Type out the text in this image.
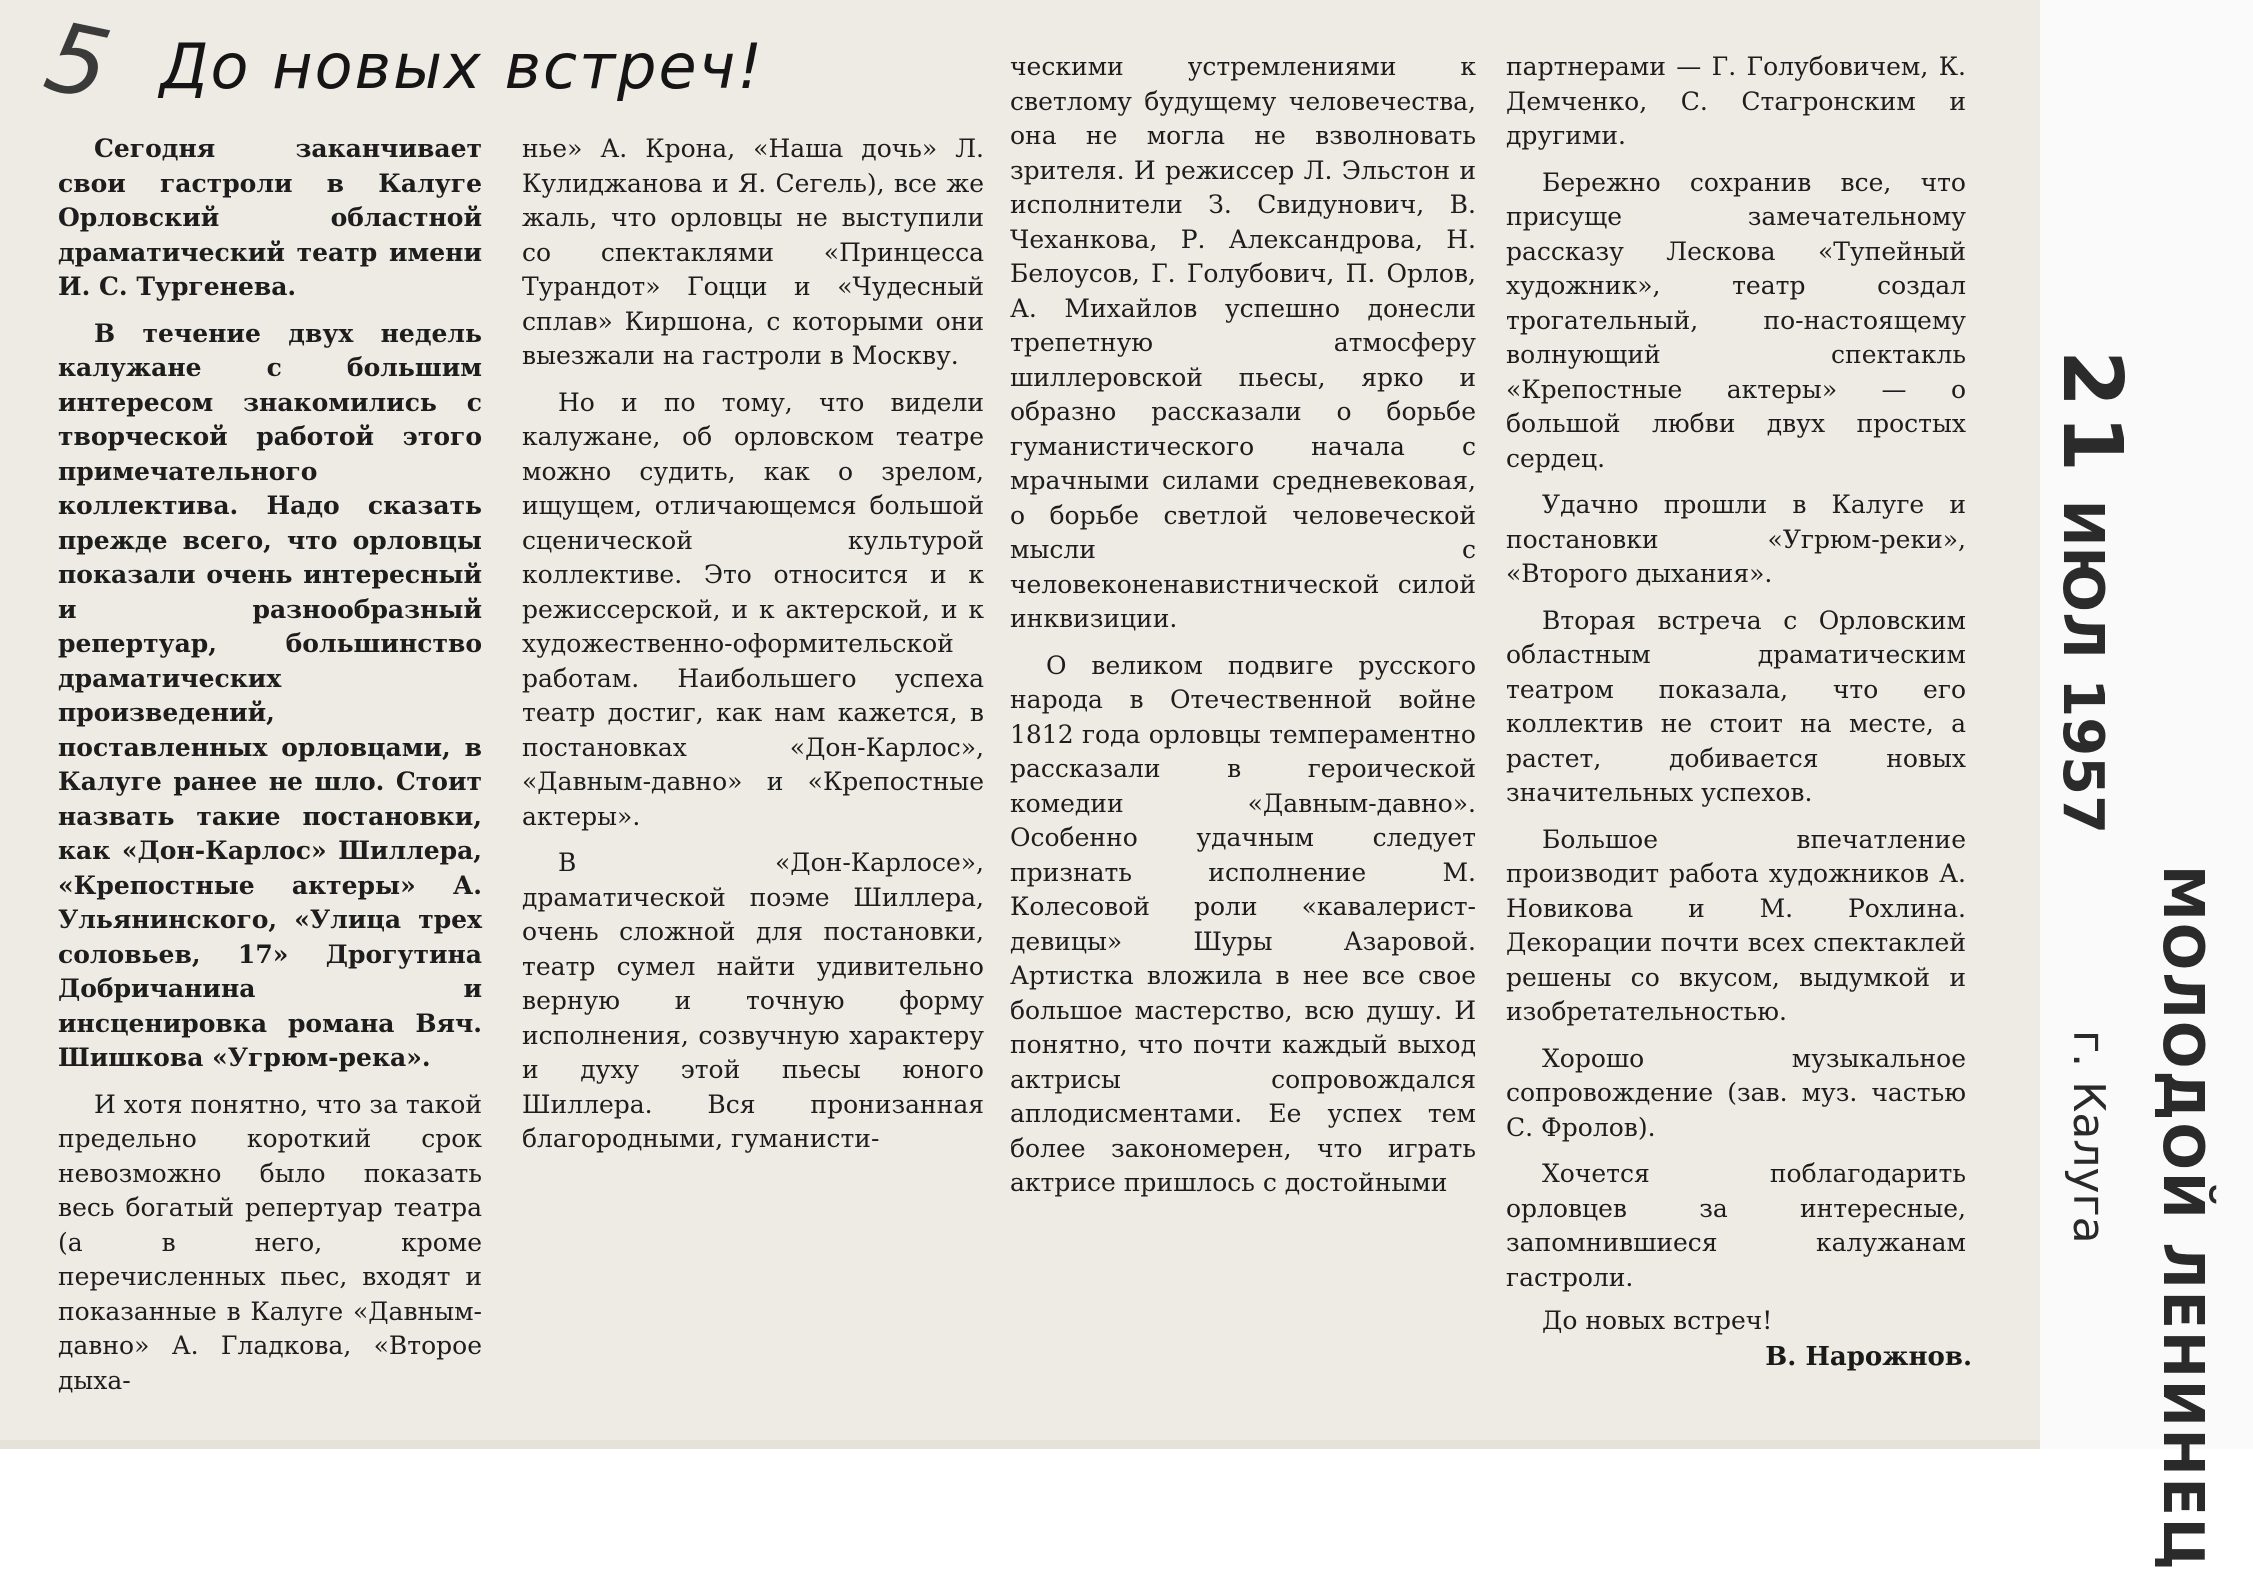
5 До новых встреч!

Сегодня заканчивает свои гастроли в Калуге Орловский областной драматический театр имени И. С. Тургенева.

В течение двух недель калужане с большим интересом знакомились с творческой работой этого примечательного коллектива. Надо сказать прежде всего, что орловцы показали очень интересный и разнообразный репертуар, большинство драматических произведений, поставленных орловцами, в Калуге ранее не шло. Стоит назвать такие постановки, как «Дон-Карлос» Шиллера, «Крепостные актеры» А. Ульянинского, «Улица трех соловьев, 17» Дрогутина Добричанина и инсценировка романа Вяч. Шишкова «Угрюм-река».

И хотя понятно, что за такой предельно короткий срок невозможно было показать весь богатый репертуар театра (а в него, кроме перечисленных пьес, входят и показанные в Калуге «Давным-давно» А. Гладкова, «Второе дыха-

нье» А. Крона, «Наша дочь» Л. Кулиджанова и Я. Сегель), все же жаль, что орловцы не выступили со спектаклями «Принцесса Турандот» Гоцци и «Чудесный сплав» Киршона, с которыми они выезжали на гастроли в Москву.

Но и по тому, что видели калужане, об орловском театре можно судить, как о зрелом, ищущем, отличающемся большой сценической культурой коллективе. Это относится и к режиссерской, и к актерской, и к художественно-оформительской работам. Наибольшего успеха театр достиг, как нам кажется, в постановках «Дон-Карлос», «Давным-давно» и «Крепостные актеры».

В «Дон-Карлосе», драматической поэме Шиллера, очень сложной для постановки, театр сумел найти удивительно верную и точную форму исполнения, созвучную характеру и духу этой пьесы юного Шиллера. Вся пронизанная благородными, гуманисти-

ческими устремлениями к светлому будущему человечества, она не могла не взволновать зрителя. И режиссер Л. Эльстон и исполнители З. Свидунович, В. Чеханкова, Р. Александрова, Н. Белоусов, Г. Голубович, П. Орлов, А. Михайлов успешно донесли трепетную атмосферу шиллеровской пьесы, ярко и образно рассказали о борьбе гуманистического начала с мрачными силами средневековая, о борьбе светлой человеческой мысли с человеконенавистнической силой инквизиции.

О великом подвиге русского народа в Отечественной войне 1812 года орловцы темпераментно рассказали в героической комедии «Давным-давно». Особенно удачным следует признать исполнение М. Колесовой роли «кавалерист-девицы» Шуры Азаровой. Артистка вложила в нее все свое большое мастерство, всю душу. И понятно, что почти каждый выход актрисы сопровождался аплодисментами. Ее успех тем более закономерен, что играть актрисе пришлось с достойными

партнерами — Г. Голубовичем, К. Демченко, С. Стагронским и другими.

Бережно сохранив все, что присуще замечательному рассказу Лескова «Тупейный художник», театр создал трогательный, по-настоящему волнующий спектакль «Крепостные актеры» — о большой любви двух простых сердец.

Удачно прошли в Калуге и постановки «Угрюм-реки», «Второго дыхания».

Вторая встреча с Орловским областным драматическим театром показала, что его коллектив не стоит на месте, а растет, добивается новых значительных успехов.

Большое впечатление производит работа художников А. Новикова и М. Рохлина. Декорации почти всех спектаклей решены со вкусом, выдумкой и изобретательностью.

Хорошо музыкальное сопровождение (зав. муз. частью С. Фролов).

Хочется поблагодарить орловцев за интересные, запомнившиеся калужанам гастроли.

До новых встреч!
В. Нарожнов.
21 ИЮЛ 1957
МОЛОДОЙ ЛЕНИНЕЦ
г. Калуга
